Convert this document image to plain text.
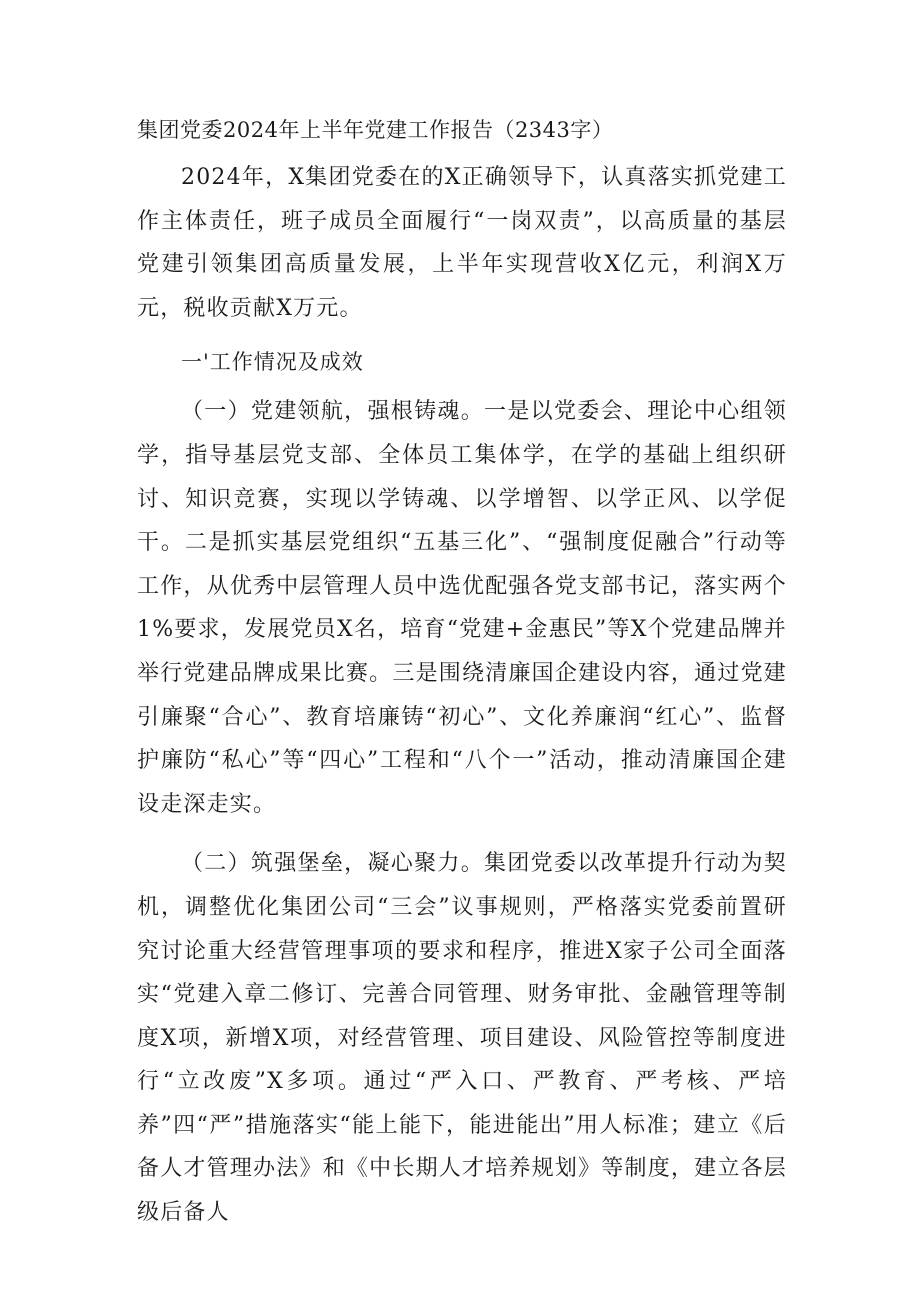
集团党委2024年上半年党建工作报告（2343字）

2024年，X集团党委在的X正确领导下，认真落实抓党建工作主体责任，班子成员全面履行“一岗双责”，以高质量的基层党建引领集团高质量发展，上半年实现营收X亿元，利润X万元，税收贡献X万元。

一'工作情况及成效

（一）党建领航，强根铸魂。一是以党委会、理论中心组领学，指导基层党支部、全体员工集体学，在学的基础上组织研讨、知识竞赛，实现以学铸魂、以学增智、以学正风、以学促干。二是抓实基层党组织“五基三化”、“强制度促融合”行动等工作，从优秀中层管理人员中选优配强各党支部书记，落实两个1%要求，发展党员X名，培育“党建+金惠民”等X个党建品牌并举行党建品牌成果比赛。三是围绕清廉国企建设内容，通过党建引廉聚“合心”、教育培廉铸“初心”、文化养廉润“红心”、监督护廉防“私心”等“四心”工程和“八个一”活动，推动清廉国企建设走深走实。

（二）筑强堡垒，凝心聚力。集团党委以改革提升行动为契机，调整优化集团公司“三会”议事规则，严格落实党委前置研究讨论重大经营管理事项的要求和程序，推进X家子公司全面落实“党建入章二修订、完善合同管理、财务审批、金融管理等制度X项，新增X项，对经营管理、项目建设、风险管控等制度进行“立改废”X多项。通过“严入口、严教育、严考核、严培养”四“严”措施落实“能上能下，能进能出”用人标准；建立《后备人才管理办法》和《中长期人才培养规划》等制度，建立各层级后备人
